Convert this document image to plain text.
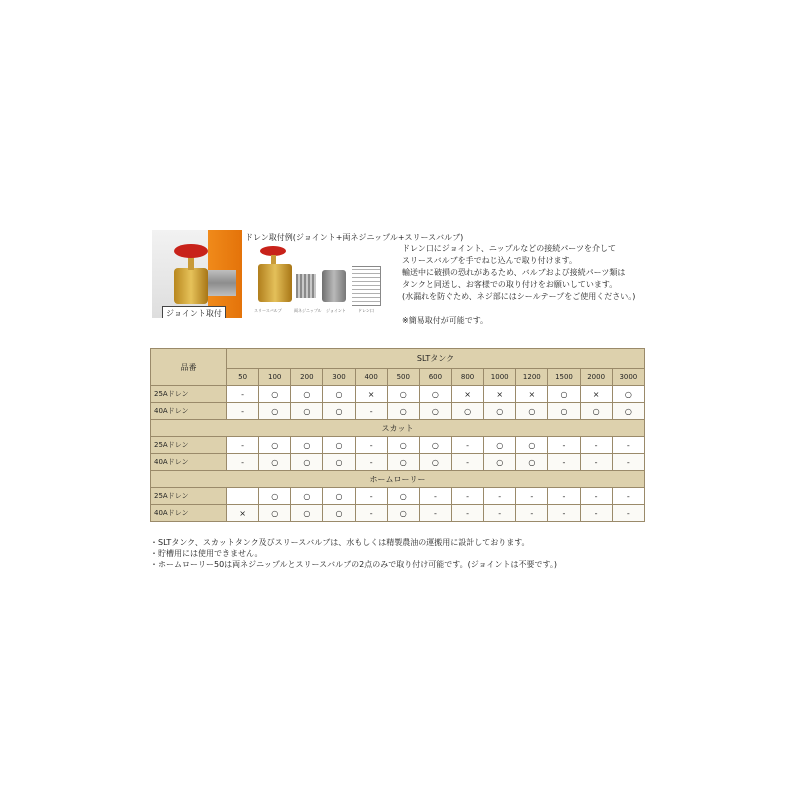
ジョイント取付
ドレン取付例(ジョイント+両ネジニップル+スリースバルブ)
スリースバルブ	両ネジニップル ジョイント	ドレン口

ドレン口にジョイント、ニップルなどの接続パーツを介して

スリースバルブを手でねじ込んで取り付けます。

輸送中に破損の恐れがあるため、バルブおよび接続パーツ類は

タンクと同送し、お客様での取り付けをお願いしています。

(水漏れを防ぐため、ネジ部にはシールテープをご使用ください。)

※簡易取付が可能です。
品番	SLTタンク												
	50	100	200	300	400	500	600	800	1000	1200	1500	2000	3000
25Aドレン	-	○	○	○	×	○	○	×	×	×	○	×	○
40Aドレン	-	○	○	○	-	○	○	○	○	○	○	○	○
スカット													
25Aドレン	-	○	○	○	-	○	○	-	○	○	-	-	-
40Aドレン	-	○	○	○	-	○	○	-	○	○	-	-	-
ホームローリー													
25Aドレン		○	○	○	-	○	-	-	-	-	-	-	-
40Aドレン	×	○	○	○	-	○	-	-	-	-	-	-	-

・SLTタンク、スカットタンク及びスリースバルブは、水もしくは精製農油の運搬用に設計しております。

・貯槽用には使用できません。

・ホームローリー50は両ネジニップルとスリースバルブの2点のみで取り付け可能です。(ジョイントは不要です。)
